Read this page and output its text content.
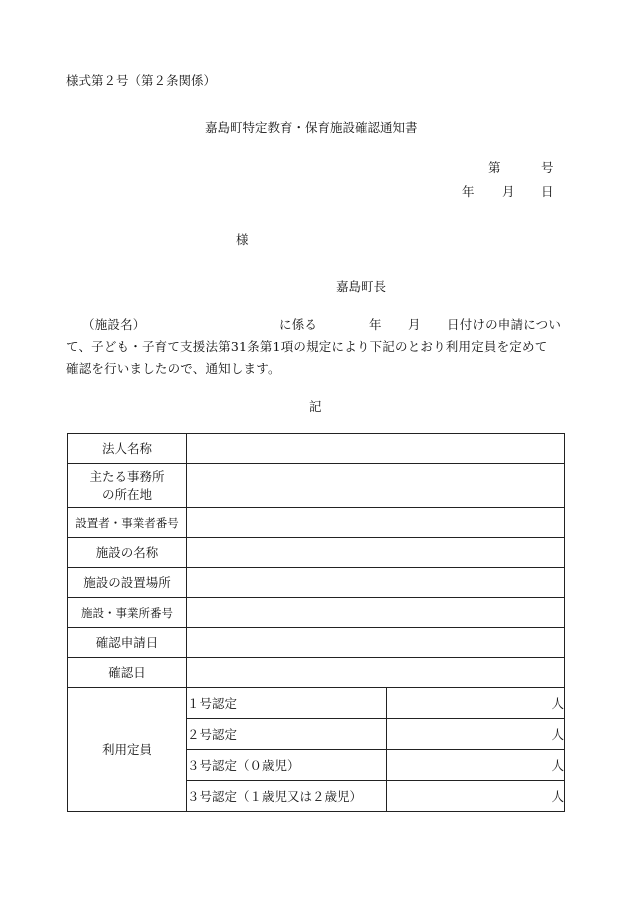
様式第２号（第２条関係）
嘉島町特定教育・保育施設確認通知書
第	号
年 月 日
様
嘉島町長
（施設名）	に係る	年 月 日付けの申請につい
て、子ども・子育て支援法第31条第1項の規定により下記のとおり利用定員を定めて
確認を行いましたので、通知します。
記
法人名称		

主たる事務所
の所在地		

設置者・事業者番号		
施設の名称		
施設の設置場所		
施設・事業所番号		
確認申請日		
確認日		
利用定員	１号認定	人
	２号認定	人
	３号認定（０歳児）	人
	３号認定（１歳児又は２歳児）	人
